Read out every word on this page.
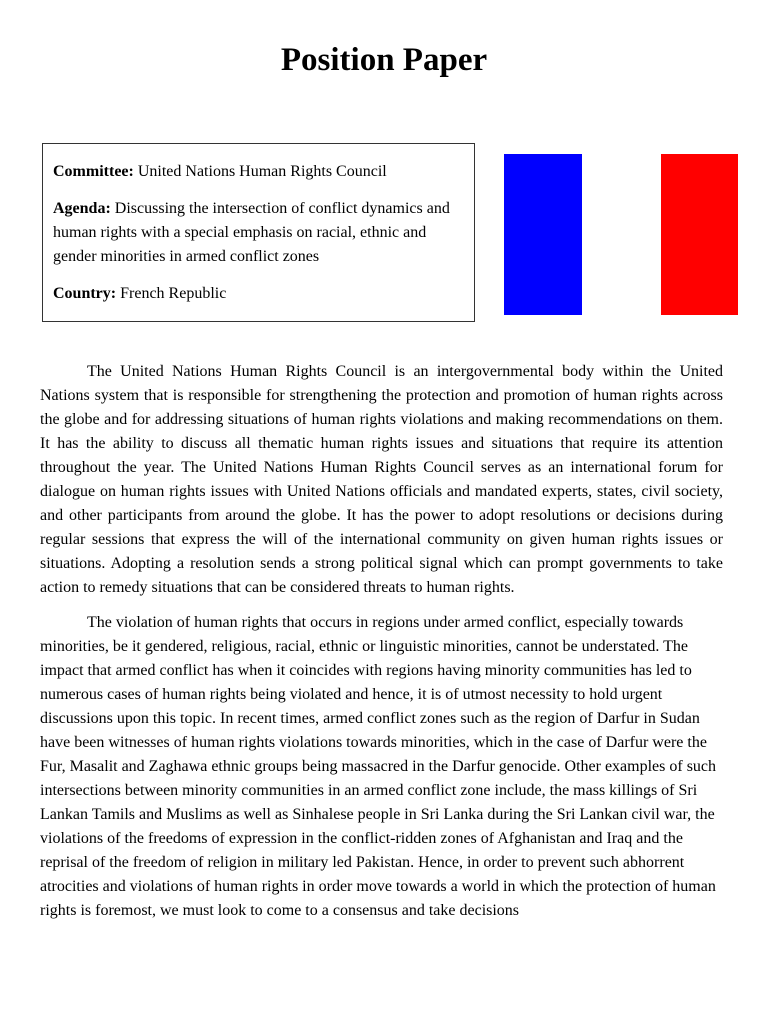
Position Paper

Committee: United Nations Human Rights Council

Agenda: Discussing the intersection of conflict dynamics and human rights with a special emphasis on racial, ethnic and gender minorities in armed conflict zones

Country: French Republic

The United Nations Human Rights Council is an intergovernmental body within the United Nations system that is responsible for strengthening the protection and promotion of human rights across the globe and for addressing situations of human rights violations and making recommendations on them. It has the ability to discuss all thematic human rights issues and situations that require its attention throughout the year. The United Nations Human Rights Council serves as an international forum for dialogue on human rights issues with United Nations officials and mandated experts, states, civil society, and other participants from around the globe. It has the power to adopt resolutions or decisions during regular sessions that express the will of the international community on given human rights issues or situations. Adopting a resolution sends a strong political signal which can prompt governments to take action to remedy situations that can be considered threats to human rights.

The violation of human rights that occurs in regions under armed conflict, especially towards minorities, be it gendered, religious, racial, ethnic or linguistic minorities, cannot be understated. The impact that armed conflict has when it coincides with regions having minority communities has led to numerous cases of human rights being violated and hence, it is of utmost necessity to hold urgent discussions upon this topic. In recent times, armed conflict zones such as the region of Darfur in Sudan have been witnesses of human rights violations towards minorities, which in the case of Darfur were the Fur, Masalit and Zaghawa ethnic groups being massacred in the Darfur genocide. Other examples of such intersections between minority communities in an armed conflict zone include, the mass killings of Sri Lankan Tamils and Muslims as well as Sinhalese people in Sri Lanka during the Sri Lankan civil war, the violations of the freedoms of expression in the conflict-ridden zones of Afghanistan and Iraq and the reprisal of the freedom of religion in military led Pakistan. Hence, in order to prevent such abhorrent atrocities and violations of human rights in order move towards a world in which the protection of human rights is foremost, we must look to come to a consensus and take decisions
